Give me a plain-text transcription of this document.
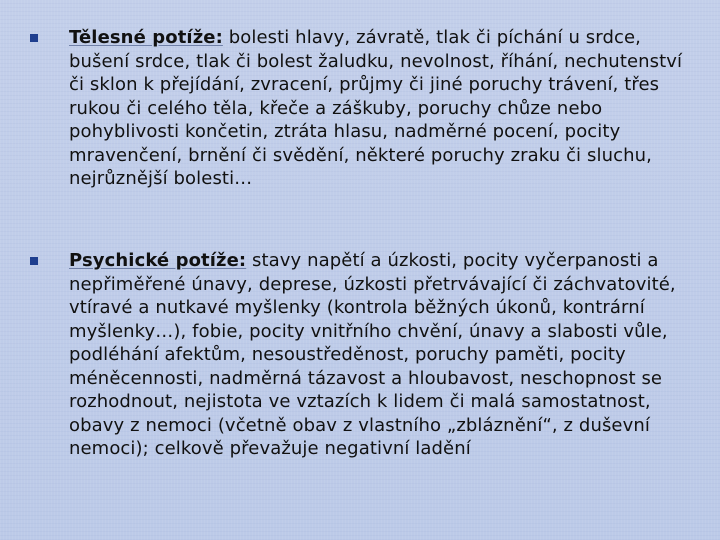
Tělesné potíže: bolesti hlavy, závratě, tlak či píchání u srdce, bušení srdce, tlak či bolest žaludku, nevolnost, říhání, nechutenství či sklon k přejídání, zvracení, průjmy či jiné poruchy trávení, třes rukou či celého těla, křeče a záškuby, poruchy chůze nebo pohyblivosti končetin, ztráta hlasu, nadměrné pocení, pocity mravenčení, brnění či svědění, některé poruchy zraku či sluchu, nejrůznější bolesti…

Psychické potíže: stavy napětí a úzkosti, pocity vyčerpanosti a nepřiměřené únavy, deprese, úzkosti přetrvávající či záchvatovité, vtíravé a nutkavé myšlenky (kontrola běžných úkonů, kontrární myšlenky…), fobie, pocity vnitřního chvění, únavy a slabosti vůle, podléhání afektům, nesoustředěnost, poruchy paměti, pocity méněcennosti, nadměrná tázavost a hloubavost, neschopnost se rozhodnout, nejistota ve vztazích k lidem či malá samostatnost, obavy z nemoci (včetně obav z vlastního „zbláznění“, z duševní nemoci); celkově převažuje negativní ladění
